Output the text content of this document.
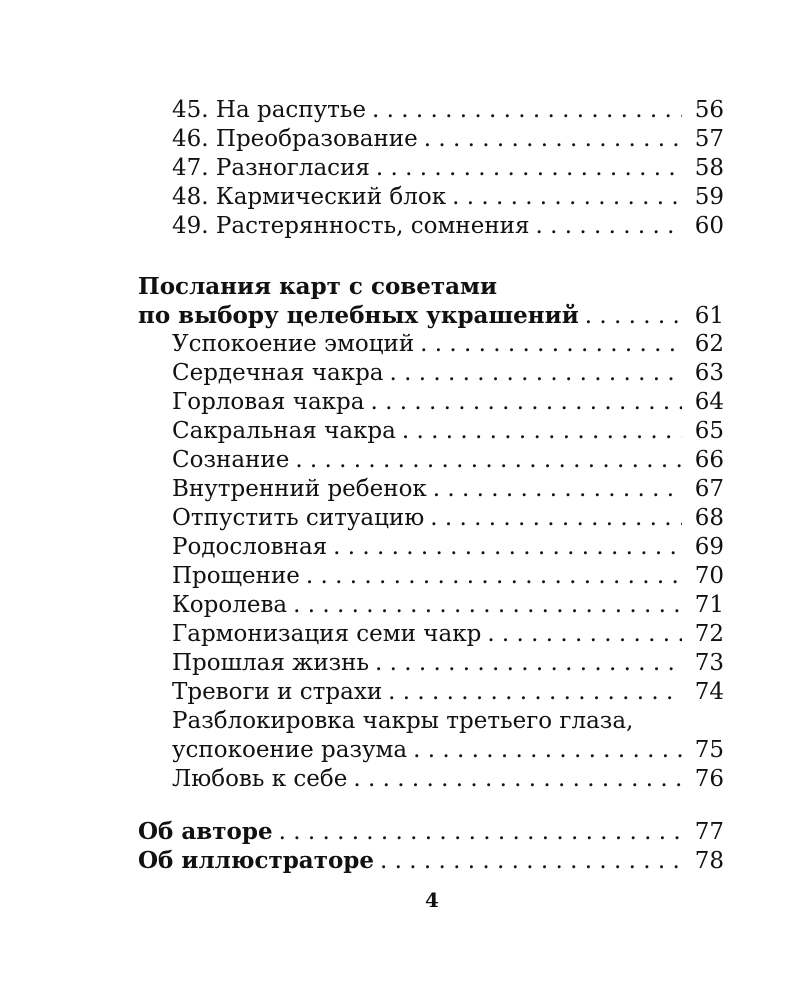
45. На распутье . . .	56
46. Преобразование . . .	57
47. Разногласия . . .	58
48. Кармический блок . . .	59
49. Растерянность, сомнения . . .	60
Послания карт с советами
по выбору целебных украшений . . .	61
Успокоение эмоций . . .	62
Сердечная чакра . . .	63
Горловая чакра . . .	64
Сакральная чакра . . .	65
Сознание . . .	66
Внутренний ребенок . . .	67
Отпустить ситуацию . . .	68
Родословная . . .	69
Прощение . . .	70
Королева . . .	71
Гармонизация семи чакр . . .	72
Прошлая жизнь . . .	73
Тревоги и страхи . . .	74
Разблокировка чакры третьего глаза,
успокоение разума . . .	75
Любовь к себе . . .	76
Об авторе . . .	77
Об иллюстраторе . . .	78
4
